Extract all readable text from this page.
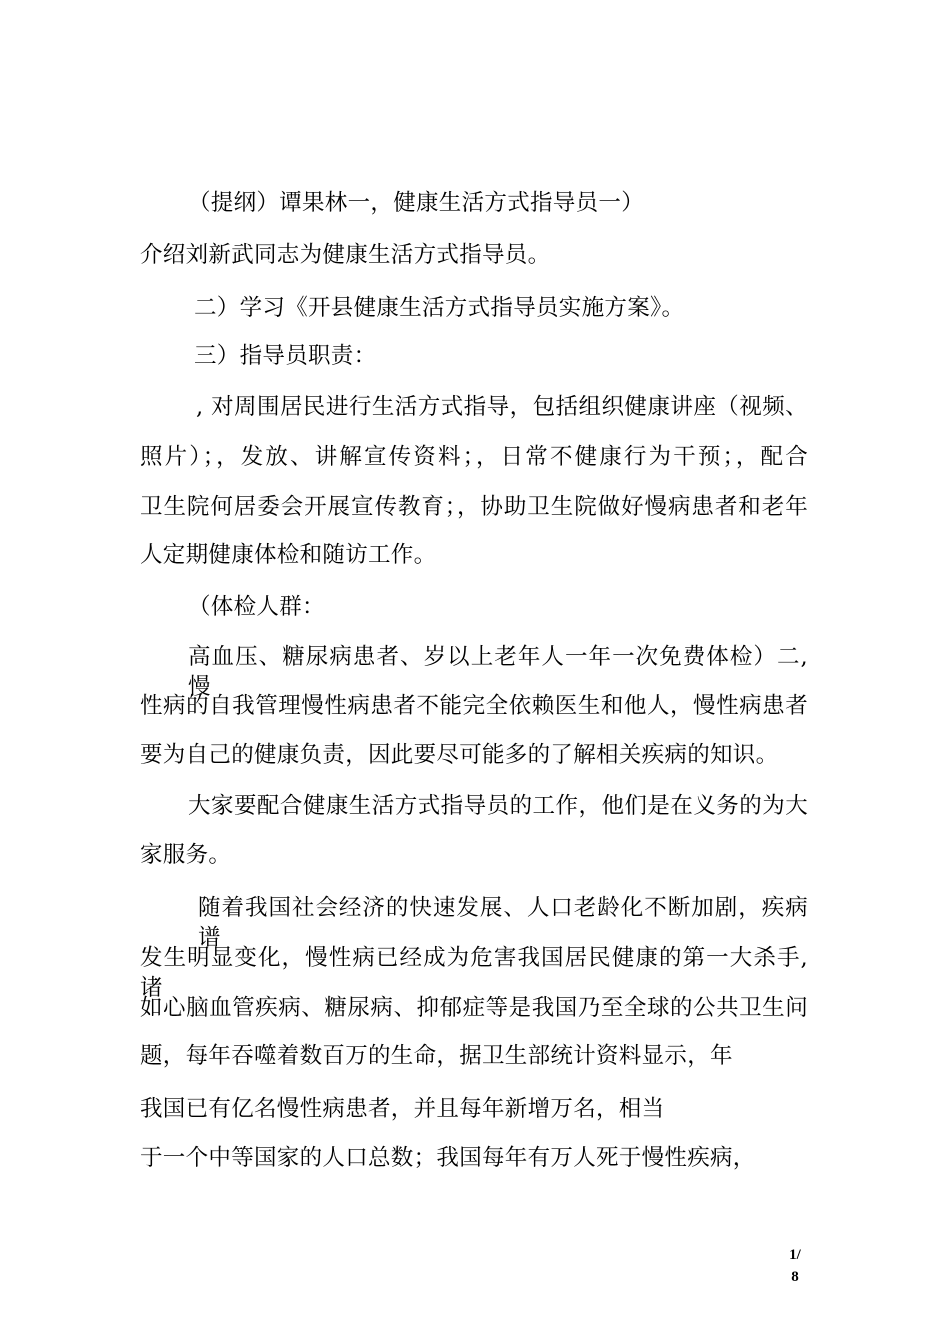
（提纲）谭果林一，健康生活方式指导员一）
介绍刘新武同志为健康生活方式指导员。
二）学习《开县健康生活方式指导员实施方案》。
三）指导员职责：
, 对周围居民进行生活方式指导，包括组织健康讲座（视频、
照片）；，发放、讲解宣传资料；，日常不健康行为干预；，配合
卫生院何居委会开展宣传教育；，协助卫生院做好慢病患者和老年
人定期健康体检和随访工作。
（体检人群：
高血压、糖尿病患者、岁以上老年人一年一次免费体检）二, 慢
性病的自我管理慢性病患者不能完全依赖医生和他人，慢性病患者
要为自己的健康负责，因此要尽可能多的了解相关疾病的知识。
大家要配合健康生活方式指导员的工作，他们是在义务的为大
家服务。
随着我国社会经济的快速发展、人口老龄化不断加剧，疾病谱
发生明显变化，慢性病已经成为危害我国居民健康的第一大杀手, 诸
如心脑血管疾病、糖尿病、抑郁症等是我国乃至全球的公共卫生问
题，每年吞噬着数百万的生命，据卫生部统计资料显示，年
我国已有亿名慢性病患者，并且每年新增万名，相当
于一个中等国家的人口总数；我国每年有万人死于慢性疾病，
1/
8
